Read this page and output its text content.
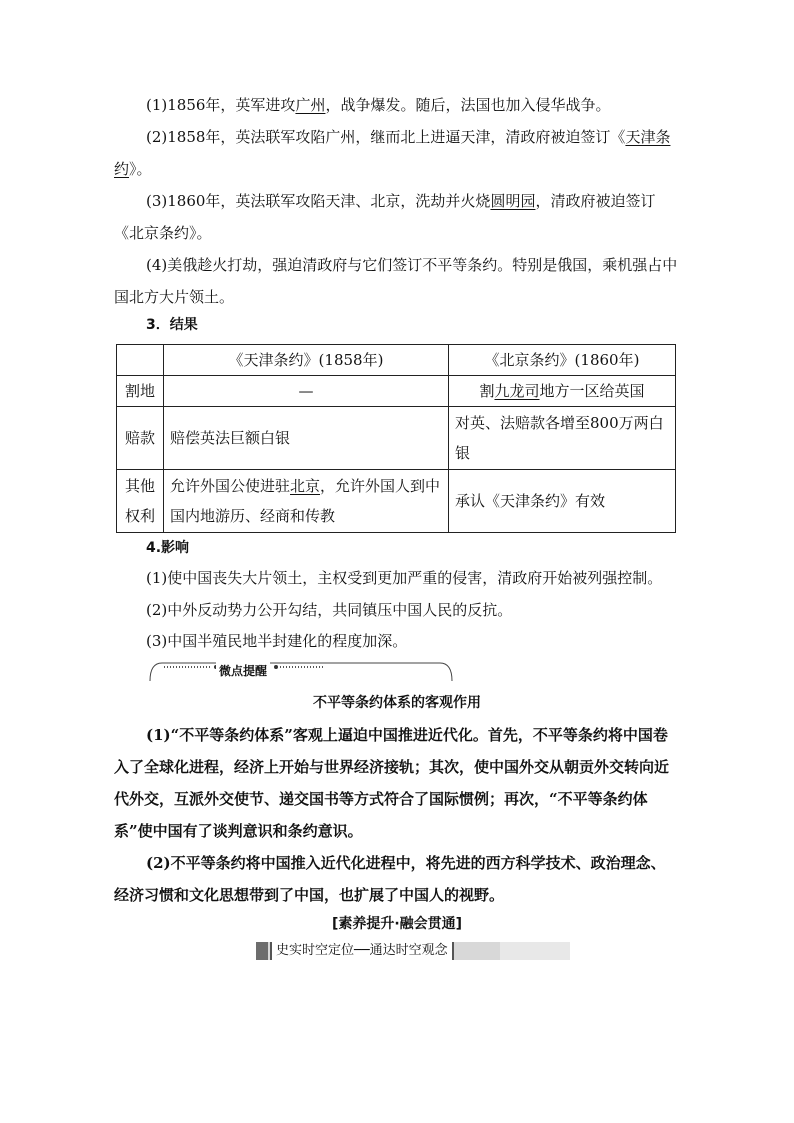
(1)1856年，英军进攻广州，战争爆发。随后，法国也加入侵华战争。

(2)1858年，英法联军攻陷广州，继而北上进逼天津，清政府被迫签订《天津条约》。

(3)1860年，英法联军攻陷天津、北京，洗劫并火烧圆明园，清政府被迫签订《北京条约》。

(4)美俄趁火打劫，强迫清政府与它们签订不平等条约。特别是俄国，乘机强占中国北方大片领土。

3．结果
	《天津条约》(1858年)	《北京条约》(1860年)
割地	—	割九龙司地方一区给英国
赔款	赔偿英法巨额白银	对英、法赔款各增至800万两白银
其他权利	允许外国公使进驻北京，允许外国人到中国内地游历、经商和传教	承认《天津条约》有效
4.影响

(1)使中国丧失大片领土，主权受到更加严重的侵害，清政府开始被列强控制。

(2)中外反动势力公开勾结，共同镇压中国人民的反抗。

(3)中国半殖民地半封建化的程度加深。

微点提醒
不平等条约体系的客观作用

(1)“不平等条约体系”客观上逼迫中国推进近代化。首先，不平等条约将中国卷入了全球化进程，经济上开始与世界经济接轨；其次，使中国外交从朝贡外交转向近代外交，互派外交使节、递交国书等方式符合了国际惯例；再次，“不平等条约体系”使中国有了谈判意识和条约意识。

(2)不平等条约将中国推入近代化进程中，将先进的西方科学技术、政治理念、经济习惯和文化思想带到了中国，也扩展了中国人的视野。

[素养提升·融会贯通]
史实时空定位──通达时空观念
